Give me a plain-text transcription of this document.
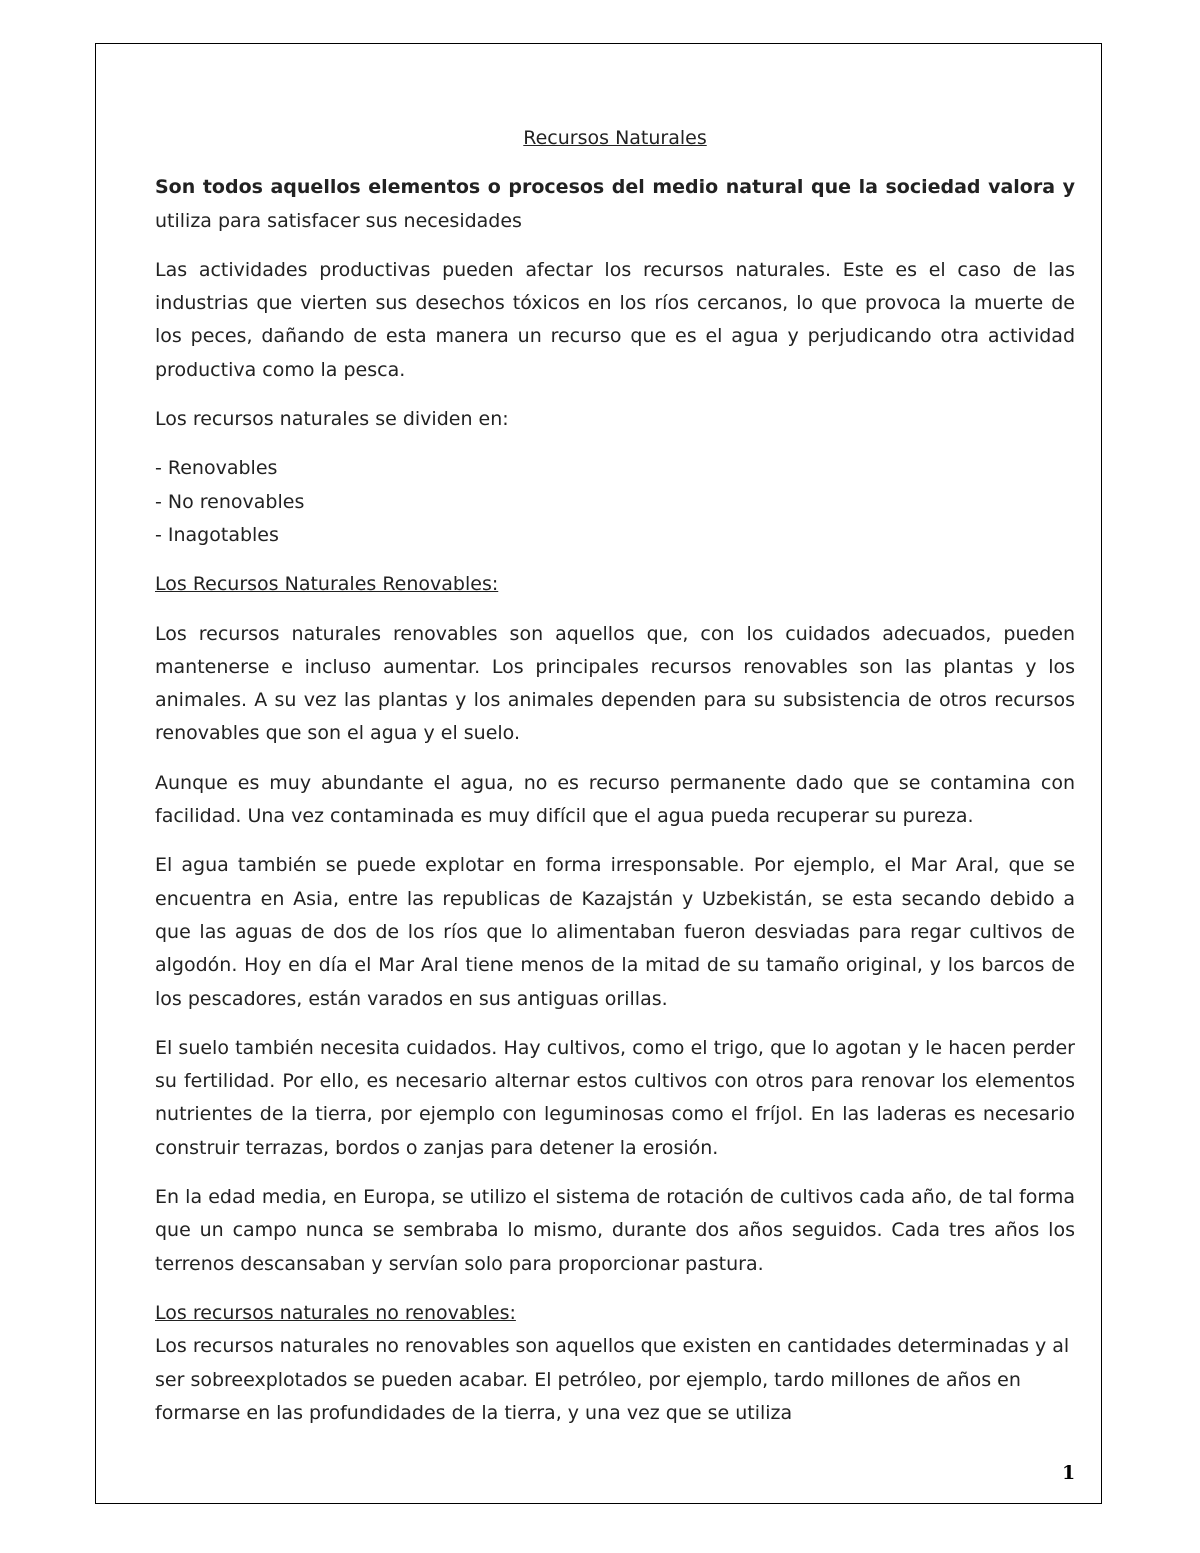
Recursos Naturales

Son todos aquellos elementos o procesos del medio natural que la sociedad valora y utiliza para satisfacer sus necesidades

Las actividades productivas pueden afectar los recursos naturales. Este es el caso de las industrias que vierten sus desechos tóxicos en los ríos cercanos, lo que provoca la muerte de los peces, dañando de esta manera un recurso que es el agua y perjudicando otra actividad productiva como la pesca.

Los recursos naturales se dividen en:

- Renovables
- No renovables
- Inagotables
Los Recursos Naturales Renovables:

Los recursos naturales renovables son aquellos que, con los cuidados adecuados, pueden mantenerse e incluso aumentar. Los principales recursos renovables son las plantas y los animales. A su vez las plantas y los animales dependen para su subsistencia de otros recursos renovables que son el agua y el suelo.

Aunque es muy abundante el agua, no es recurso permanente dado que se contamina con facilidad. Una vez contaminada es muy difícil que el agua pueda recuperar su pureza.

El agua también se puede explotar en forma irresponsable. Por ejemplo, el Mar Aral, que se encuentra en Asia, entre las republicas de Kazajstán y Uzbekistán, se esta secando debido a que las aguas de dos de los ríos que lo alimentaban fueron desviadas para regar cultivos de algodón. Hoy en día el Mar Aral tiene menos de la mitad de su tamaño original, y los barcos de los pescadores, están varados en sus antiguas orillas.

El suelo también necesita cuidados. Hay cultivos, como el trigo, que lo agotan y le hacen perder su fertilidad. Por ello, es necesario alternar estos cultivos con otros para renovar los elementos nutrientes de la tierra, por ejemplo con leguminosas como el fríjol. En las laderas es necesario construir terrazas, bordos o zanjas para detener la erosión.

En la edad media, en Europa, se utilizo el sistema de rotación de cultivos cada año, de tal forma que un campo nunca se sembraba lo mismo, durante dos años seguidos. Cada tres años los terrenos descansaban y servían solo para proporcionar pastura.

Los recursos naturales no renovables:

Los recursos naturales no renovables son aquellos que existen en cantidades determinadas y al ser sobreexplotados se pueden acabar. El petróleo, por ejemplo, tardo millones de años en formarse en las profundidades de la tierra, y una vez que se utiliza

1
